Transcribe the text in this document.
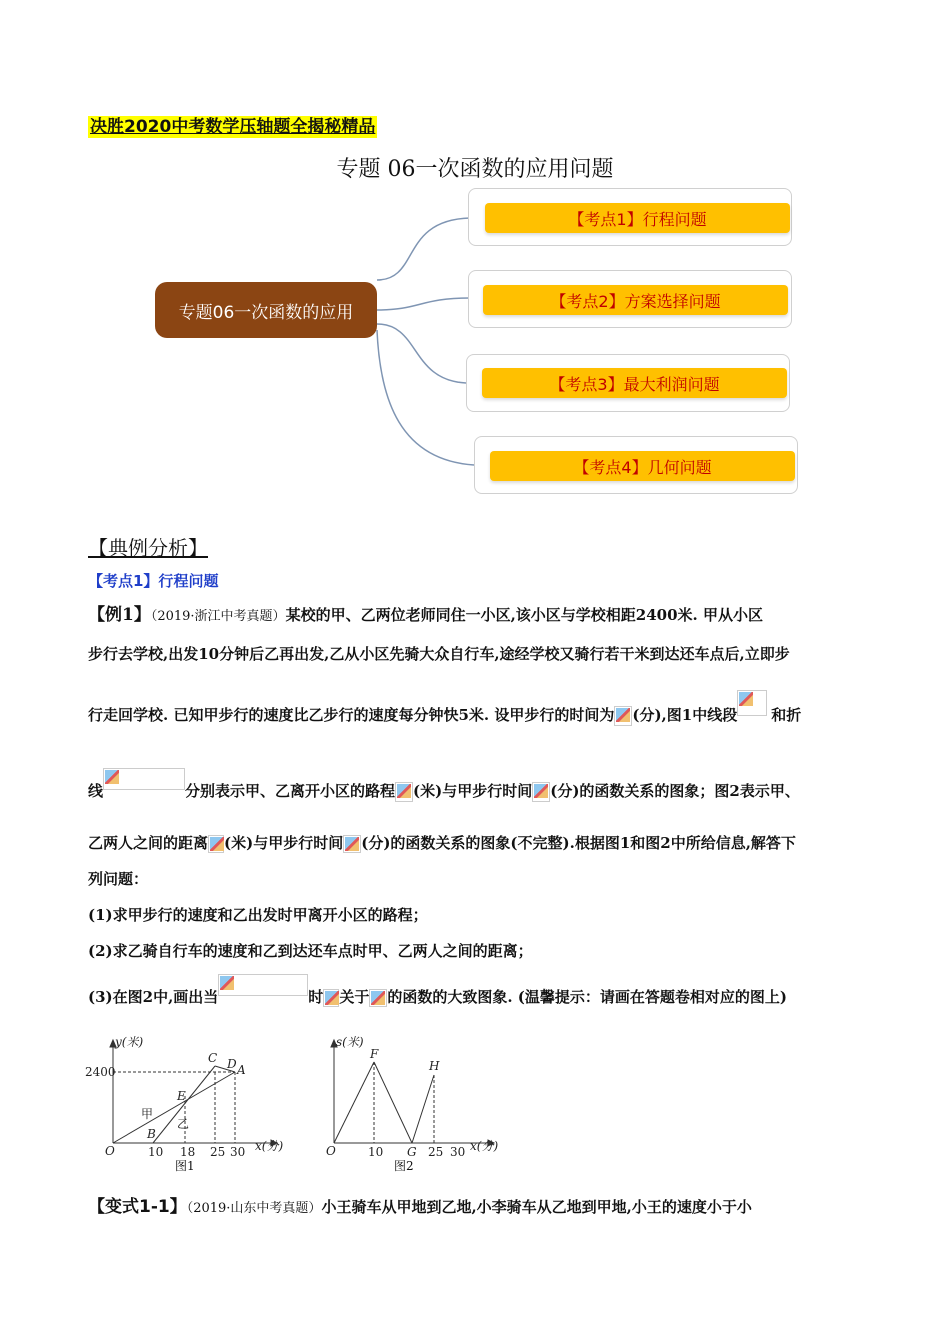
决胜2020中考数学压轴题全揭秘精品
专题 06一次函数的应用问题
专题06一次函数的应用
【考点1】行程问题
【考点2】方案选择问题
【考点3】最大利润问题
【考点4】几何问题
【典例分析】
【考点1】行程问题
【例1】（2019·浙江中考真题）某校的甲、乙两位老师同住一小区,该小区与学校相距2400米. 甲从小区
步行去学校,出发10分钟后乙再出发,乙从小区先骑大众自行车,途经学校又骑行若干米到达还车点后,立即步
行走回学校. 已知甲步行的速度比乙步行的速度每分钟快5米. 设甲步行的时间为 (分),图1中线段 和折
线	分别表示甲、乙离开小区的路程 (米)与甲步行时间 (分)的函数关系的图象；图2表示甲、
乙两人之间的距离 (米)与甲步行时间 (分)的函数关系的图象(不完整).根据图1和图2中所给信息,解答下
列问题：
(1)求甲步行的速度和乙出发时甲离开小区的路程；
(2)求乙骑自行车的速度和乙到达还车点时甲、乙两人之间的距离；
(3)在图2中,画出当	时 关于 的函数的大致图象. (温馨提示：请画在答题卷相对应的图上)
y(米)
x(分)
2400
O	10 18 25 30
C D A
E
B
甲
乙
图1
s(米)
x(分)
O	10	25 30
F
G
H
图2
【变式1-1】（2019·山东中考真题）小王骑车从甲地到乙地,小李骑车从乙地到甲地,小王的速度小于小
